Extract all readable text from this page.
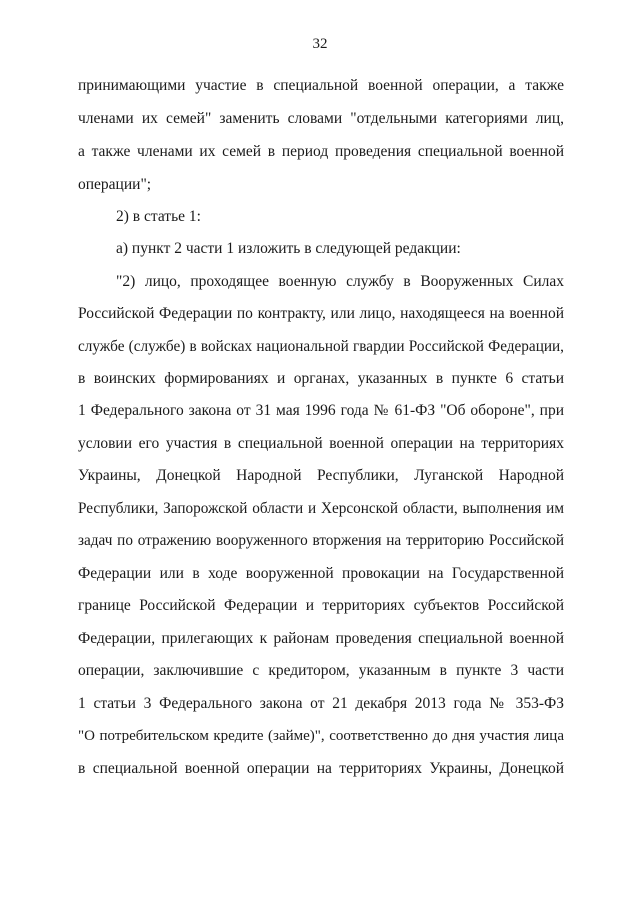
32
принимающими участие в специальной военной операции, а также
членами их семей" заменить словами "отдельными категориями лиц,
а также членами их семей в период проведения специальной военной
операции";
2) в статье 1:
а) пункт 2 части 1 изложить в следующей редакции:
"2) лицо, проходящее военную службу в Вооруженных Силах
Российской Федерации по контракту, или лицо, находящееся на военной
службе (службе) в войсках национальной гвардии Российской Федерации,
в воинских формированиях и органах, указанных в пункте 6 статьи
1 Федерального закона от 31 мая 1996 года № 61-ФЗ "Об обороне", при
условии его участия в специальной военной операции на территориях
Украины, Донецкой Народной Республики, Луганской Народной
Республики, Запорожской области и Херсонской области, выполнения им
задач по отражению вооруженного вторжения на территорию Российской
Федерации или в ходе вооруженной провокации на Государственной
границе Российской Федерации и территориях субъектов Российской
Федерации, прилегающих к районам проведения специальной военной
операции, заключившие с кредитором, указанным в пункте 3 части
1 статьи 3 Федерального закона от 21 декабря 2013 года № 353-ФЗ
"О потребительском кредите (займе)", соответственно до дня участия лица
в специальной военной операции на территориях Украины, Донецкой
